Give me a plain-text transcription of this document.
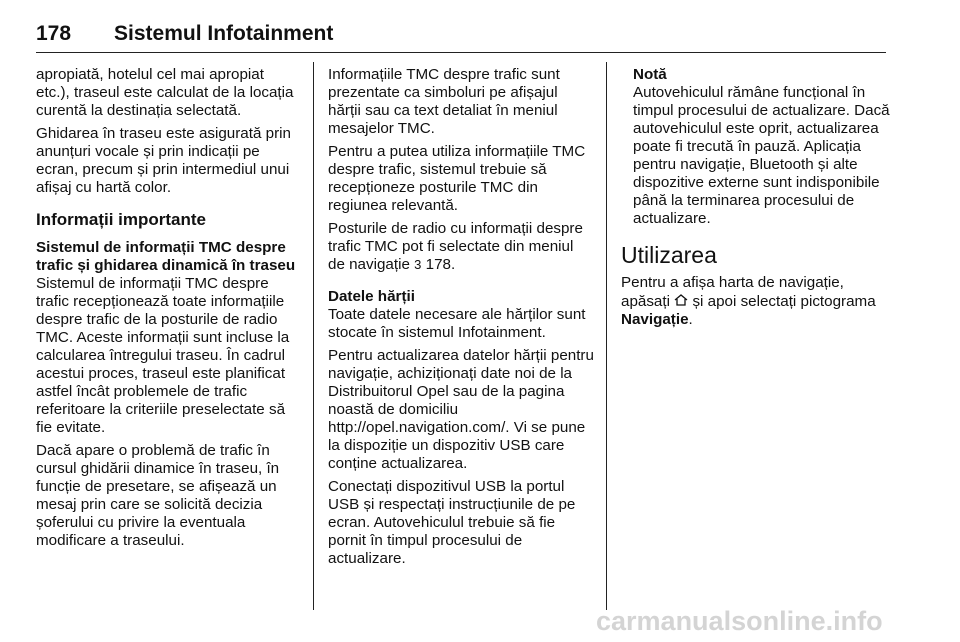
178 Sistemul Infotainment

apropiată, hotelul cel mai apropiat etc.), traseul este calculat de la locația curentă la destinația selectată.

Ghidarea în traseu este asigurată prin anunțuri vocale și prin indicații pe ecran, precum și prin intermediul unui afișaj cu hartă color.

Informații importante
Sistemul de informații TMC despre trafic și ghidarea dinamică în traseu

Sistemul de informații TMC despre trafic recepționează toate informațiile despre trafic de la posturile de radio TMC. Aceste informații sunt incluse la calcularea întregului traseu. În cadrul acestui proces, traseul este planificat astfel încât problemele de trafic referitoare la criteriile preselectate să fie evitate.

Dacă apare o problemă de trafic în cursul ghidării dinamice în traseu, în funcție de presetare, se afișează un mesaj prin care se solicită decizia șoferului cu privire la eventuala modificare a traseului.

Informațiile TMC despre trafic sunt prezentate ca simboluri pe afișajul hărții sau ca text detaliat în meniul mesajelor TMC.

Pentru a putea utiliza informațiile TMC despre trafic, sistemul trebuie să recepționeze posturile TMC din regiunea relevantă.

Posturile de radio cu informații despre trafic TMC pot fi selectate din meniul de navigație 3 178.

Datele hărții

Toate datele necesare ale hărților sunt stocate în sistemul Infotainment.

Pentru actualizarea datelor hărții pentru navigație, achiziționați date noi de la Distribuitorul Opel sau de la pagina noastă de domiciliu http://opel.navigation.com/. Vi se pune la dispoziție un dispozitiv USB care conține actualizarea.

Conectați dispozitivul USB la portul USB și respectați instrucțiunile de pe ecran. Autovehiculul trebuie să fie pornit în timpul procesului de actualizare.

Notă

Autovehiculul rămâne funcțional în timpul procesului de actualizare. Dacă autovehiculul este oprit, actualizarea poate fi trecută în pauză. Aplicația pentru navigație, Bluetooth și alte dispozitive externe sunt indisponibile până la terminarea procesului de actualizare.

Utilizarea

Pentru a afișa harta de navigație, apăsați și apoi selectați pictograma Navigație.

carmanualsonline.info
